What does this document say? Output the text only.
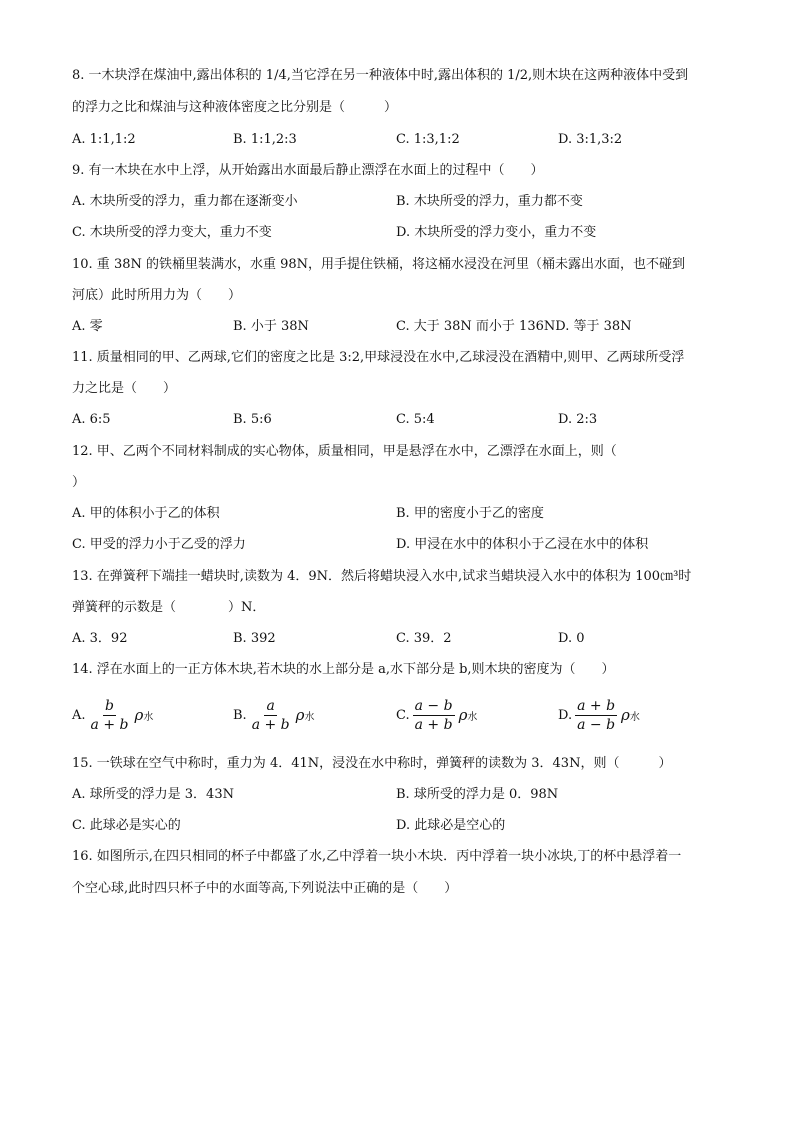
8. 一木块浮在煤油中,露出体积的 1/4,当它浮在另一种液体中时,露出体积的 1/2,则木块在这两种液体中受到
的浮力之比和煤油与这种液体密度之比分别是（　　　）
A. 1:1,1:2	B. 1:1,2:3	C. 1:3,1:2	D. 3:1,3:2
9. 有一木块在水中上浮，从开始露出水面最后静止漂浮在水面上的过程中（　　）
A. 木块所受的浮力，重力都在逐渐变小	B. 木块所受的浮力，重力都不变
C. 木块所受的浮力变大，重力不变	D. 木块所受的浮力变小，重力不变
10. 重 38N 的铁桶里装满水，水重 98N，用手提住铁桶，将这桶水浸没在河里（桶未露出水面，也不碰到
河底）此时所用力为（　　）
A. 零	B. 小于 38N	C. 大于 38N 而小于 136ND. 等于 38N
11. 质量相同的甲、乙两球,它们的密度之比是 3:2,甲球浸没在水中,乙球浸没在酒精中,则甲、乙两球所受浮
力之比是（　　）
A. 6:5	B. 5:6	C. 5:4	D. 2:3
12. 甲、乙两个不同材料制成的实心物体，质量相同，甲是悬浮在水中，乙漂浮在水面上，则（
）
A. 甲的体积小于乙的体积	B. 甲的密度小于乙的密度
C. 甲受的浮力小于乙受的浮力	D. 甲浸在水中的体积小于乙浸在水中的体积
13. 在弹簧秤下端挂一蜡块时,读数为 4．9N．然后将蜡块浸入水中,试求当蜡块浸入水中的体积为 100㎝³时
弹簧秤的示数是（　　　　）N．
A. 3．92	B. 392	C. 39．2	D. 0
14. 浮在水面上的一正方体木块,若木块的水上部分是 a,水下部分是 b,则木块的密度为（　　）
A. $\frac{b}{a + b}$ ρ 水	B. $\frac{a}{a + b}$ ρ 水	C. $\frac{a - b}{a + b}$ ρ 水	D. $\frac{a + b}{a - b}$ ρ 水
15. 一铁球在空气中称时，重力为 4．41N，浸没在水中称时，弹簧秤的读数为 3．43N，则（　　　）
A. 球所受的浮力是 3．43N	B. 球所受的浮力是 0．98N
C. 此球必是实心的	D. 此球必是空心的
16. 如图所示,在四只相同的杯子中都盛了水,乙中浮着一块小木块．丙中浮着一块小冰块,丁的杯中悬浮着一
个空心球,此时四只杯子中的水面等高,下列说法中正确的是（　　）
